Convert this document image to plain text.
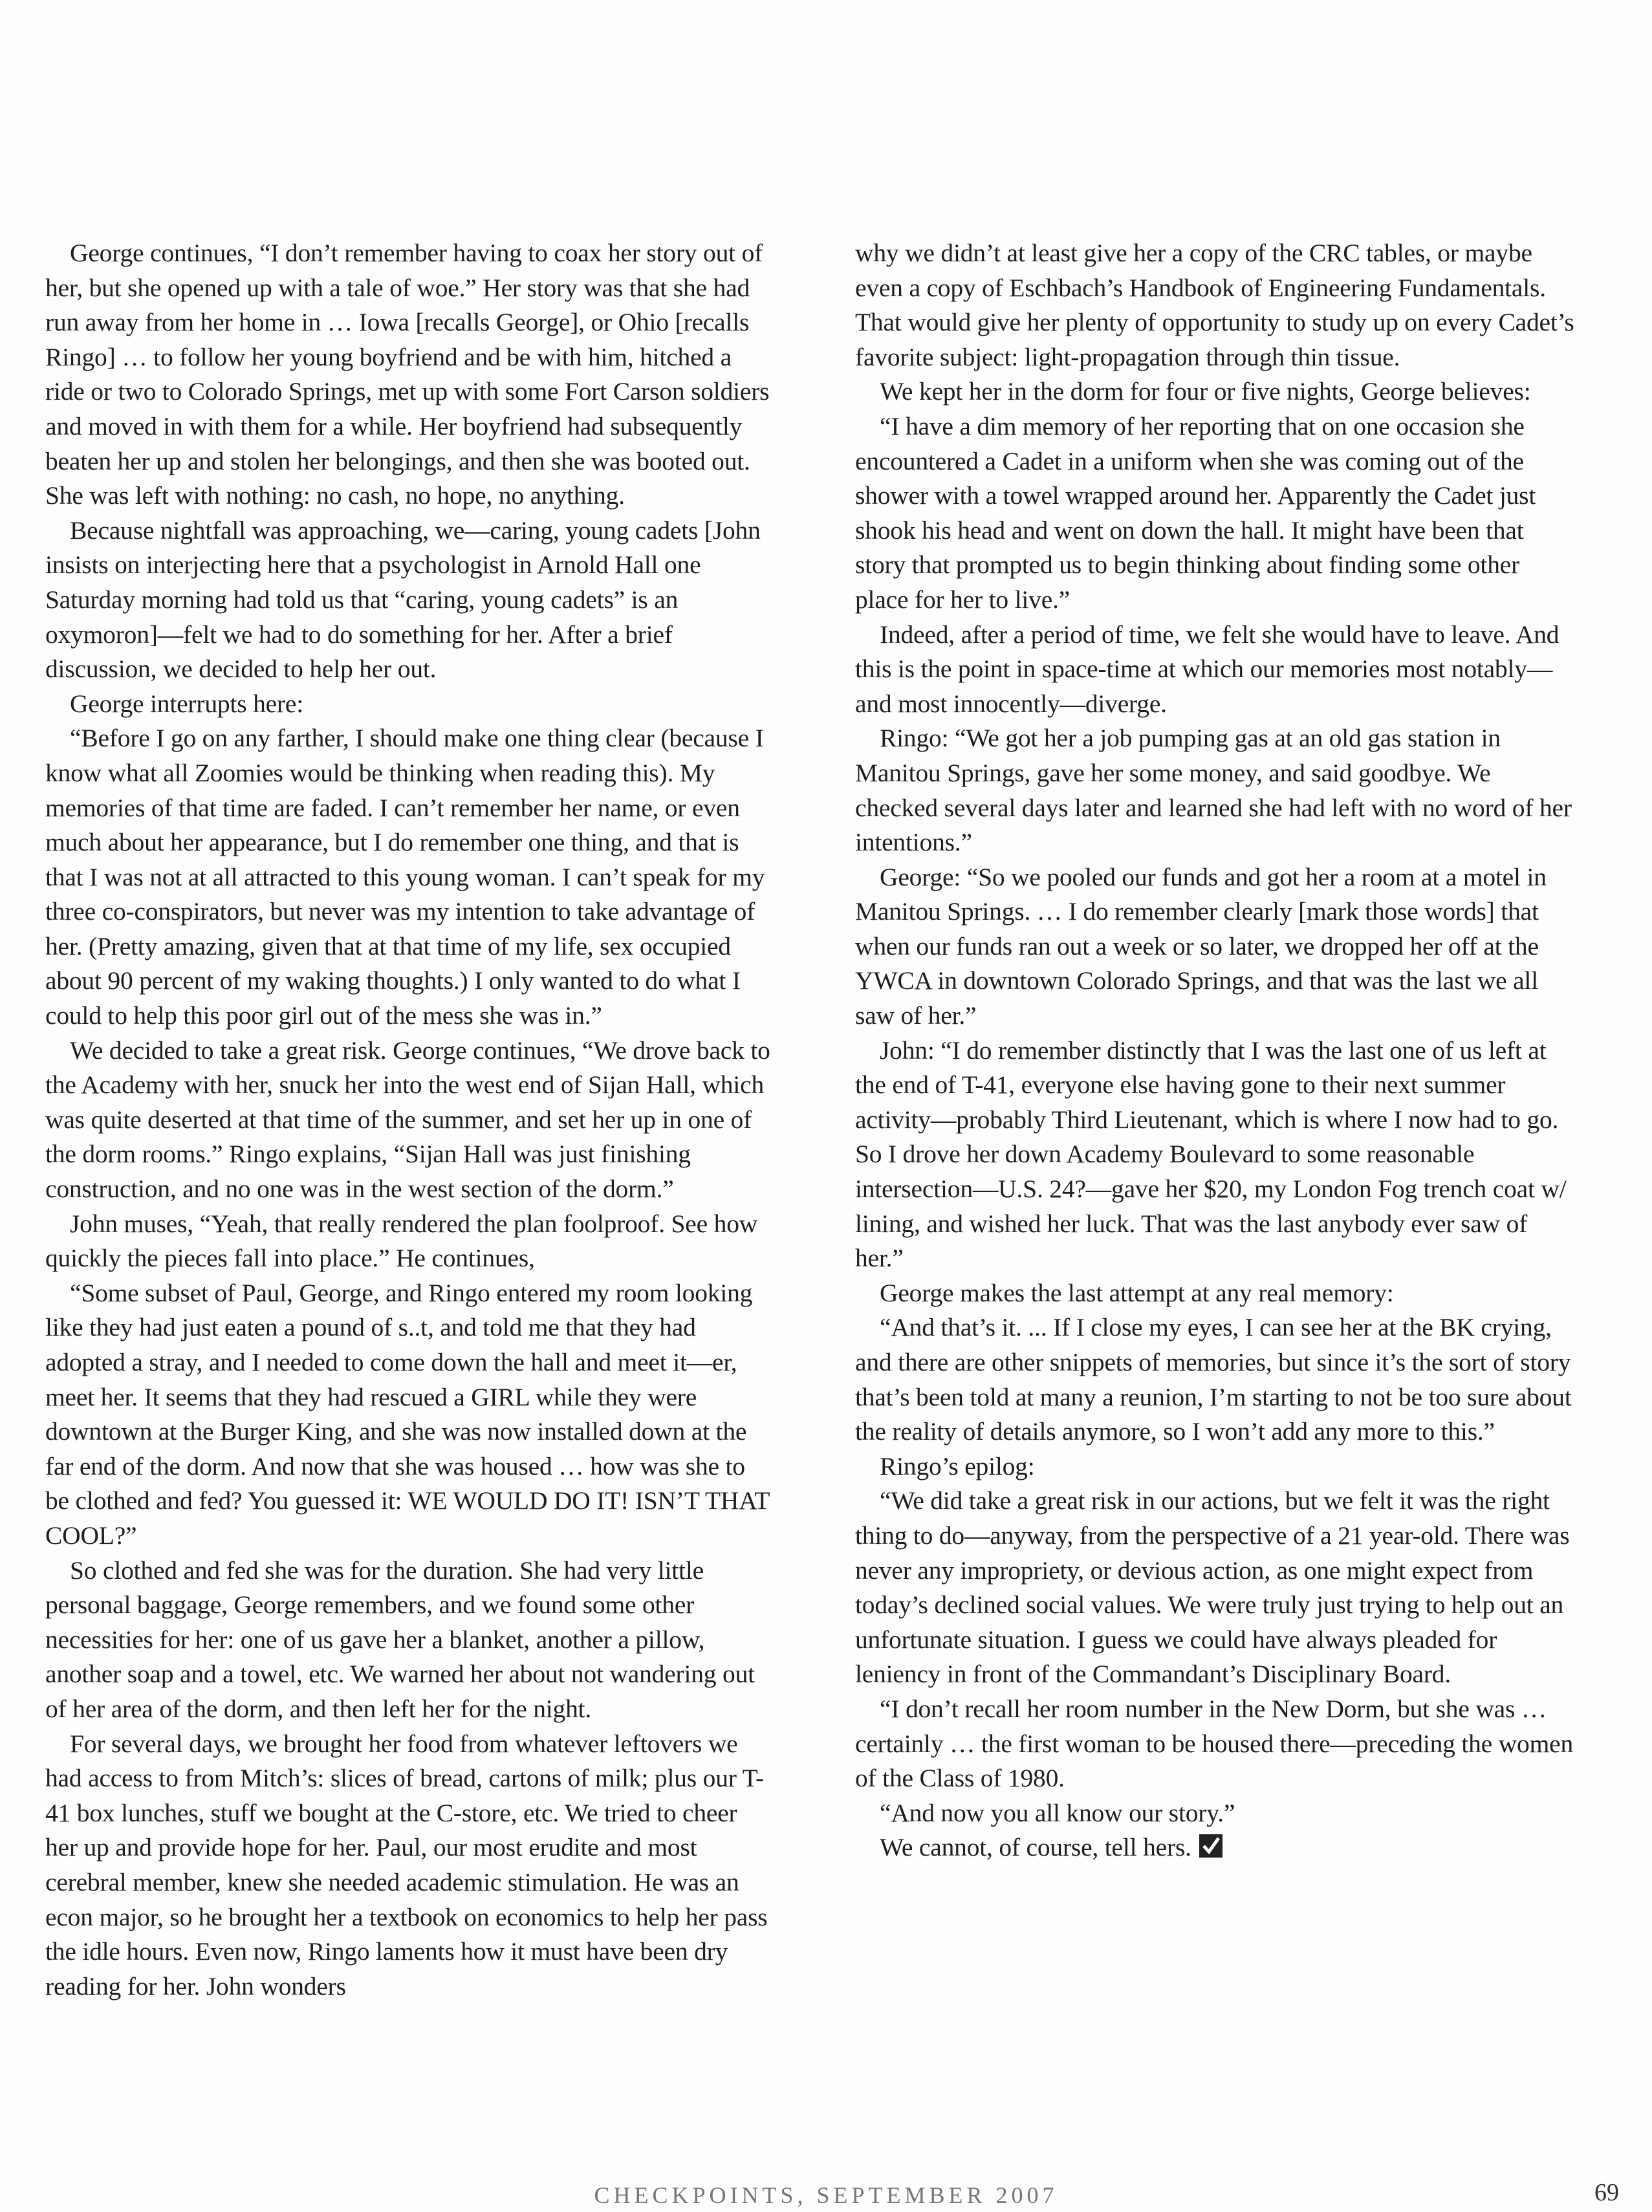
George continues, “I don’t remember having to coax her story out of her, but she opened up with a tale of woe.” Her story was that she had run away from her home in … Iowa [recalls George], or Ohio [recalls Ringo] … to follow her young boyfriend and be with him, hitched a ride or two to Colorado Springs, met up with some Fort Carson soldiers and moved in with them for a while. Her boyfriend had subsequently beaten her up and stolen her belongings, and then she was booted out. She was left with nothing: no cash, no hope, no anything.

Because nightfall was approaching, we—caring, young cadets [John insists on interjecting here that a psychologist in Arnold Hall one Saturday morning had told us that “caring, young cadets” is an oxymoron]—felt we had to do something for her. After a brief discussion, we decided to help her out.

George interrupts here:

“Before I go on any farther, I should make one thing clear (because I know what all Zoomies would be thinking when reading this). My memories of that time are faded. I can’t remember her name, or even much about her appearance, but I do remember one thing, and that is that I was not at all attracted to this young woman. I can’t speak for my three co-conspirators, but never was my intention to take advantage of her. (Pretty amazing, given that at that time of my life, sex occupied about 90 percent of my waking thoughts.) I only wanted to do what I could to help this poor girl out of the mess she was in.”

We decided to take a great risk. George continues, “We drove back to the Academy with her, snuck her into the west end of Sijan Hall, which was quite deserted at that time of the summer, and set her up in one of the dorm rooms.” Ringo explains, “Sijan Hall was just finishing construction, and no one was in the west section of the dorm.”

John muses, “Yeah, that really rendered the plan foolproof. See how quickly the pieces fall into place.” He continues,

“Some subset of Paul, George, and Ringo entered my room looking like they had just eaten a pound of s..t, and told me that they had adopted a stray, and I needed to come down the hall and meet it—er, meet her. It seems that they had rescued a GIRL while they were downtown at the Burger King, and she was now installed down at the far end of the dorm. And now that she was housed … how was she to be clothed and fed? You guessed it: WE WOULD DO IT! ISN’T THAT COOL?”

So clothed and fed she was for the duration. She had very little personal baggage, George remembers, and we found some other necessities for her: one of us gave her a blanket, another a pillow, another soap and a towel, etc. We warned her about not wandering out of her area of the dorm, and then left her for the night.

For several days, we brought her food from whatever leftovers we had access to from Mitch’s: slices of bread, cartons of milk; plus our T-41 box lunches, stuff we bought at the C-store, etc. We tried to cheer her up and provide hope for her. Paul, our most erudite and most cerebral member, knew she needed academic stimulation. He was an econ major, so he brought her a textbook on economics to help her pass the idle hours. Even now, Ringo laments how it must have been dry reading for her. John wonders

why we didn’t at least give her a copy of the CRC tables, or maybe even a copy of Eschbach’s Handbook of Engineering Fundamentals. That would give her plenty of opportunity to study up on every Cadet’s favorite subject: light-propagation through thin tissue.

We kept her in the dorm for four or five nights, George believes:

“I have a dim memory of her reporting that on one occasion she encountered a Cadet in a uniform when she was coming out of the shower with a towel wrapped around her. Apparently the Cadet just shook his head and went on down the hall. It might have been that story that prompted us to begin thinking about finding some other place for her to live.”

Indeed, after a period of time, we felt she would have to leave. And this is the point in space-time at which our memories most notably—and most innocently—diverge.

Ringo: “We got her a job pumping gas at an old gas station in Manitou Springs, gave her some money, and said goodbye. We checked several days later and learned she had left with no word of her intentions.”

George: “So we pooled our funds and got her a room at a motel in Manitou Springs. … I do remember clearly [mark those words] that when our funds ran out a week or so later, we dropped her off at the YWCA in downtown Colorado Springs, and that was the last we all saw of her.”

John: “I do remember distinctly that I was the last one of us left at the end of T-41, everyone else having gone to their next summer activity—probably Third Lieutenant, which is where I now had to go. So I drove her down Academy Boulevard to some reasonable intersection—U.S. 24?—gave her $20, my London Fog trench coat w/ lining, and wished her luck. That was the last anybody ever saw of her.”

George makes the last attempt at any real memory:

“And that’s it. ... If I close my eyes, I can see her at the BK crying, and there are other snippets of memories, but since it’s the sort of story that’s been told at many a reunion, I’m starting to not be too sure about the reality of details anymore, so I won’t add any more to this.”

Ringo’s epilog:

“We did take a great risk in our actions, but we felt it was the right thing to do—anyway, from the perspective of a 21 year-old. There was never any impropriety, or devious action, as one might expect from today’s declined social values. We were truly just trying to help out an unfortunate situation. I guess we could have always pleaded for leniency in front of the Commandant’s Disciplinary Board.

“I don’t recall her room number in the New Dorm, but she was … certainly … the first woman to be housed there—preceding the women of the Class of 1980.

“And now you all know our story.”

We cannot, of course, tell hers.

CHECKPOINTS, SEPTEMBER 2007	69
